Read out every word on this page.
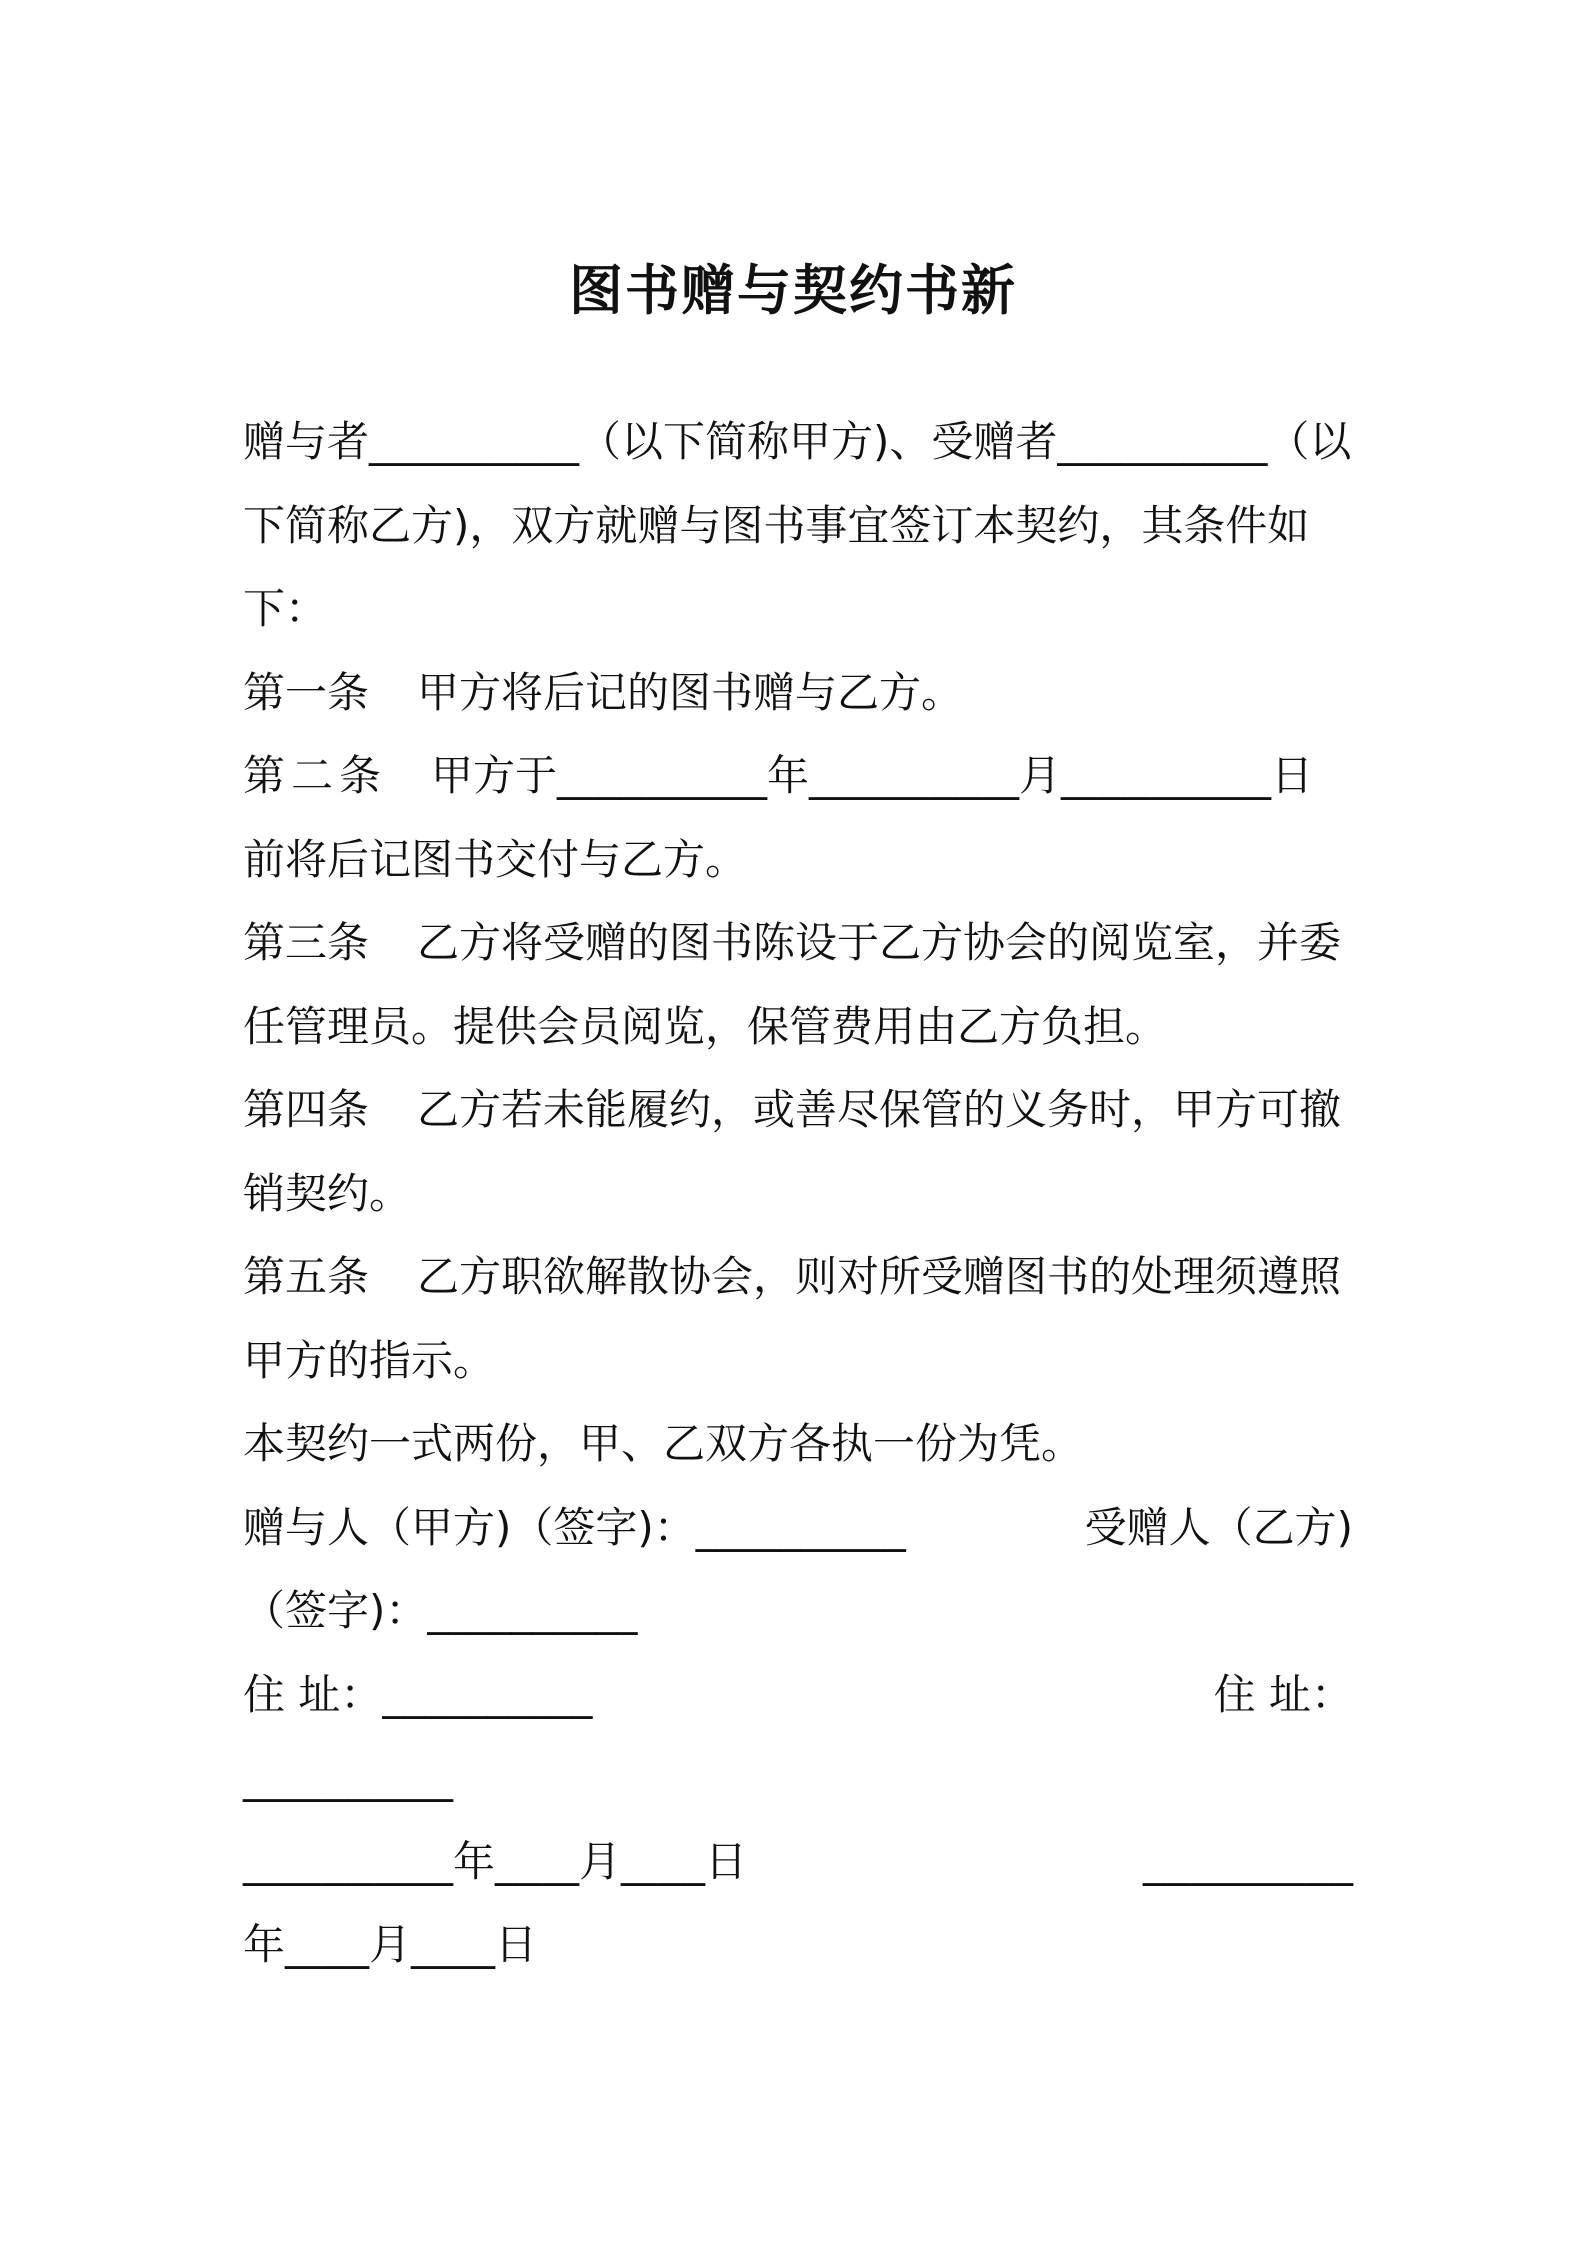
图书赠与契约书新

赠与者__________（以下简称甲方)、受赠者__________（以

下简称乙方)，双方就赠与图书事宜签订本契约，其条件如

下：

第一条 甲方将后记的图书赠与乙方。

第二条 甲方于__________年__________月__________日

前将后记图书交付与乙方。

第三条 乙方将受赠的图书陈设于乙方协会的阅览室，并委

任管理员。提供会员阅览，保管费用由乙方负担。

第四条 乙方若未能履约，或善尽保管的义务时，甲方可撤

销契约。

第五条 乙方职欲解散协会，则对所受赠图书的处理须遵照

甲方的指示。

本契约一式两份，甲、乙双方各执一份为凭。

赠与人（甲方)（签字)：__________	受赠人（乙方)

（签字)：__________

住 址：__________	住 址：

__________

__________年____月____日	__________

年____月____日
